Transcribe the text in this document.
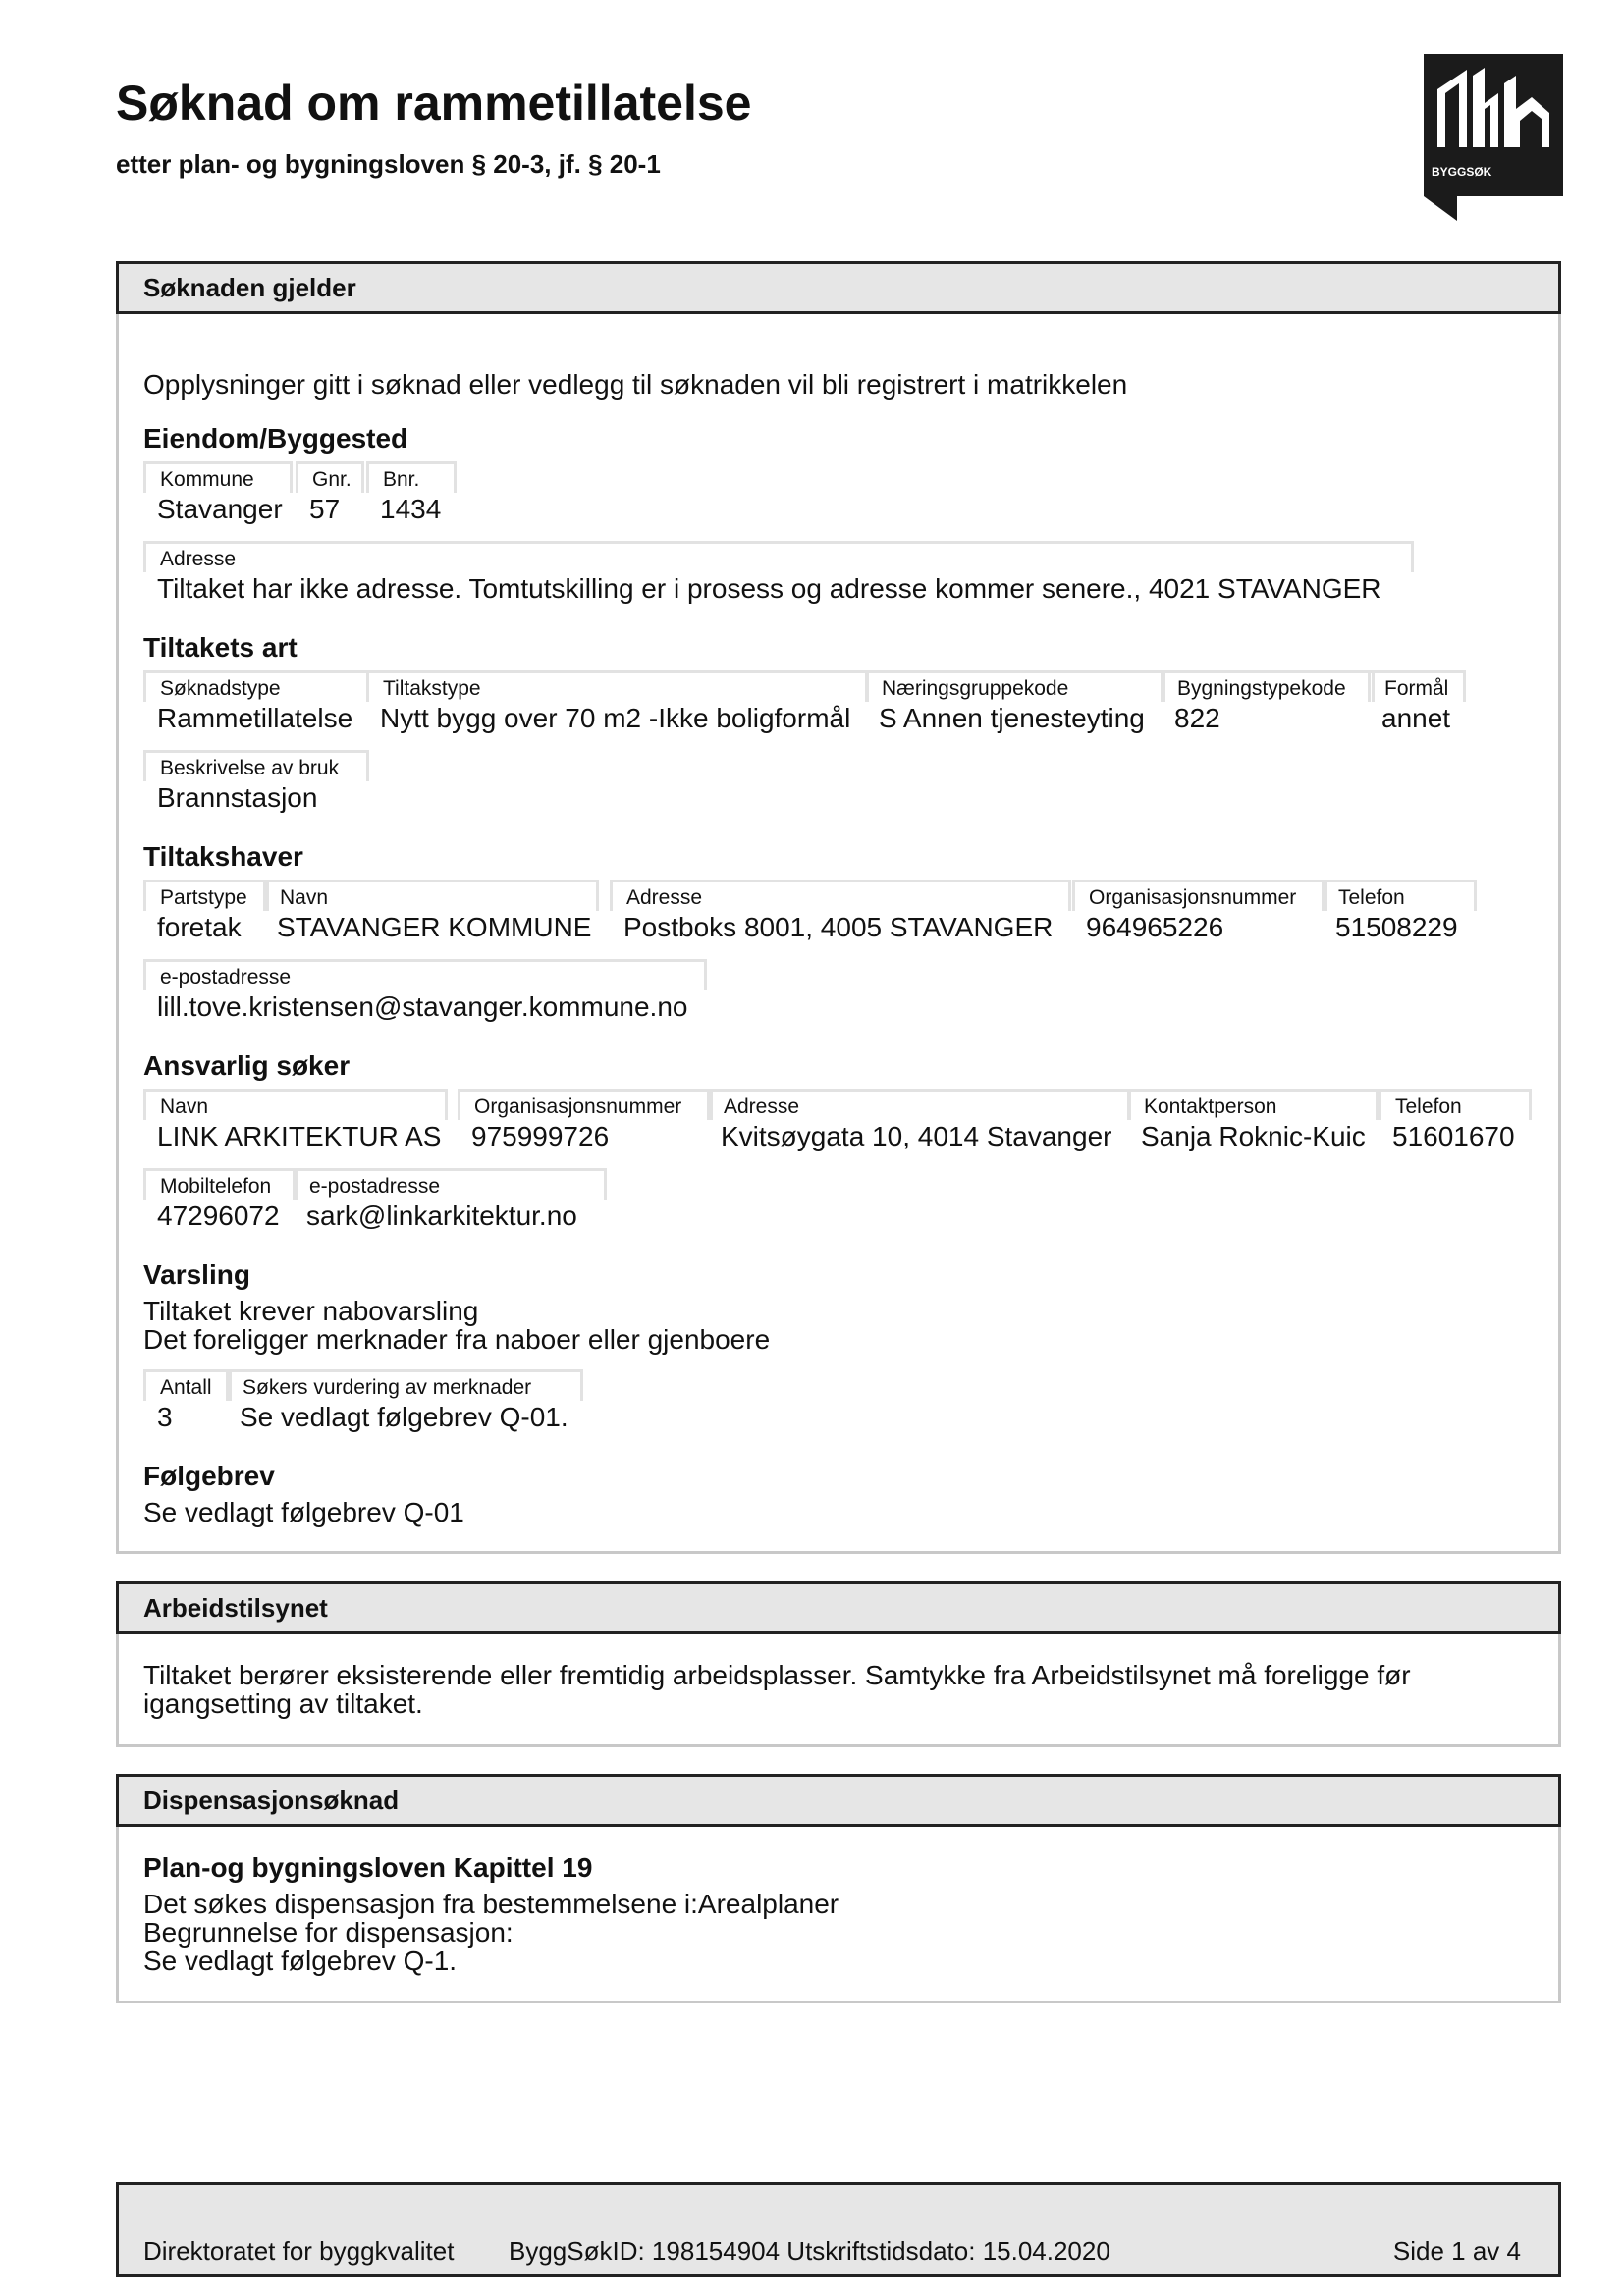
Søknad om rammetillatelse
etter plan- og bygningsloven § 20-3, jf. § 20-1	BYGGSØK
Søknaden gjelder
Opplysninger gitt i søknad eller vedlegg til søknaden vil bli registrert i matrikkelen
Eiendom/Byggested
Kommune
Stavanger
Gnr.
57
Bnr.
1434
Adresse
Tiltaket har ikke adresse. Tomtutskilling er i prosess og adresse kommer senere., 4021 STAVANGER
Tiltakets art
Søknadstype
Rammetillatelse
Tiltakstype
Nytt bygg over 70 m2 -Ikke boligformål
Næringsgruppekode
S Annen tjenesteyting
Bygningstypekode
822
Formål
annet
Beskrivelse av bruk
Brannstasjon
Tiltakshaver
Partstype
foretak
Navn
STAVANGER KOMMUNE
Adresse
Postboks 8001, 4005 STAVANGER
Organisasjonsnummer
964965226
Telefon
51508229
e-postadresse
lill.tove.kristensen@stavanger.kommune.no
Ansvarlig søker
Navn
LINK ARKITEKTUR AS
Organisasjonsnummer
975999726
Adresse
Kvitsøygata 10, 4014 Stavanger
Kontaktperson
Sanja Roknic-Kuic
Telefon
51601670
Mobiltelefon
47296072
e-postadresse
sark@linkarkitektur.no
Varsling
Tiltaket krever nabovarsling
Det foreligger merknader fra naboer eller gjenboere
Antall
3
Søkers vurdering av merknader
Se vedlagt følgebrev Q-01.
Følgebrev
Se vedlagt følgebrev Q-01
Arbeidstilsynet
Tiltaket berører eksisterende eller fremtidig arbeidsplasser. Samtykke fra Arbeidstilsynet må foreligge før
igangsetting av tiltaket.
Dispensasjonsøknad
Plan-og bygningsloven Kapittel 19
Det søkes dispensasjon fra bestemmelsene i:Arealplaner
Begrunnelse for dispensasjon:
Se vedlagt følgebrev Q-1.
Direktoratet for byggkvalitet ByggSøkID: 198154904 Utskriftstidsdato: 15.04.2020	Side 1 av 4
